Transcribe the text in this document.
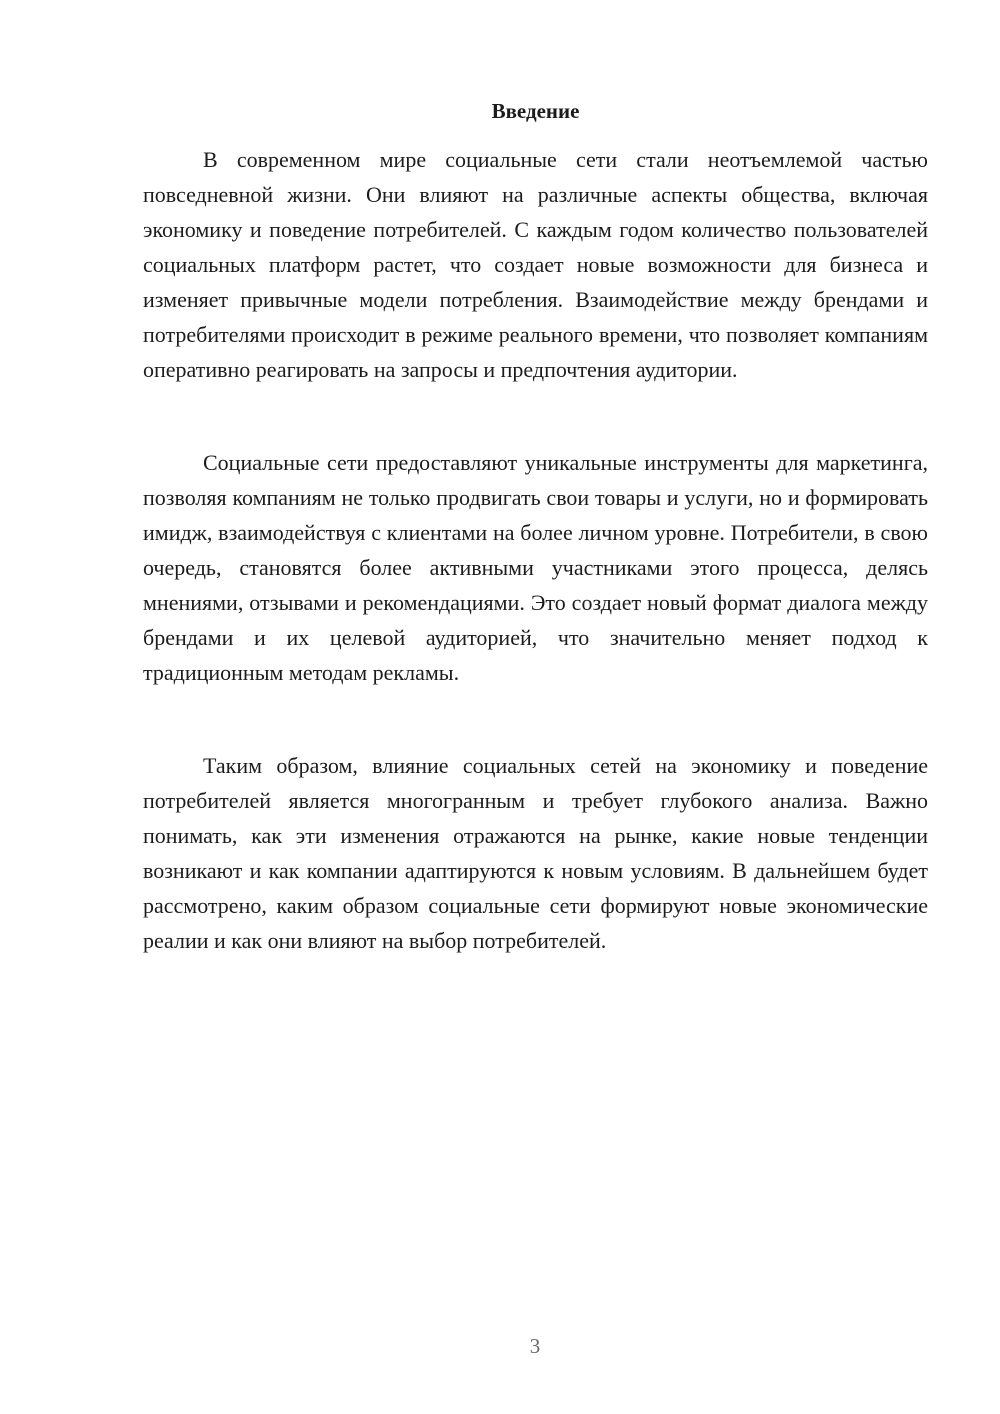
Введение

В современном мире социальные сети стали неотъемлемой частью повседневной жизни. Они влияют на различные аспекты общества, включая экономику и поведение потребителей. С каждым годом количество пользователей социальных платформ растет, что создает новые возможности для бизнеса и изменяет привычные модели потребления. Взаимодействие между брендами и потребителями происходит в режиме реального времени, что позволяет компаниям оперативно реагировать на запросы и предпочтения аудитории.

Социальные сети предоставляют уникальные инструменты для маркетинга, позволяя компаниям не только продвигать свои товары и услуги, но и формировать имидж, взаимодействуя с клиентами на более личном уровне. Потребители, в свою очередь, становятся более активными участниками этого процесса, делясь мнениями, отзывами и рекомендациями. Это создает новый формат диалога между брендами и их целевой аудиторией, что значительно меняет подход к традиционным методам рекламы.

Таким образом, влияние социальных сетей на экономику и поведение потребителей является многогранным и требует глубокого анализа. Важно понимать, как эти изменения отражаются на рынке, какие новые тенденции возникают и как компании адаптируются к новым условиям. В дальнейшем будет рассмотрено, каким образом социальные сети формируют новые экономические реалии и как они влияют на выбор потребителей.

3
